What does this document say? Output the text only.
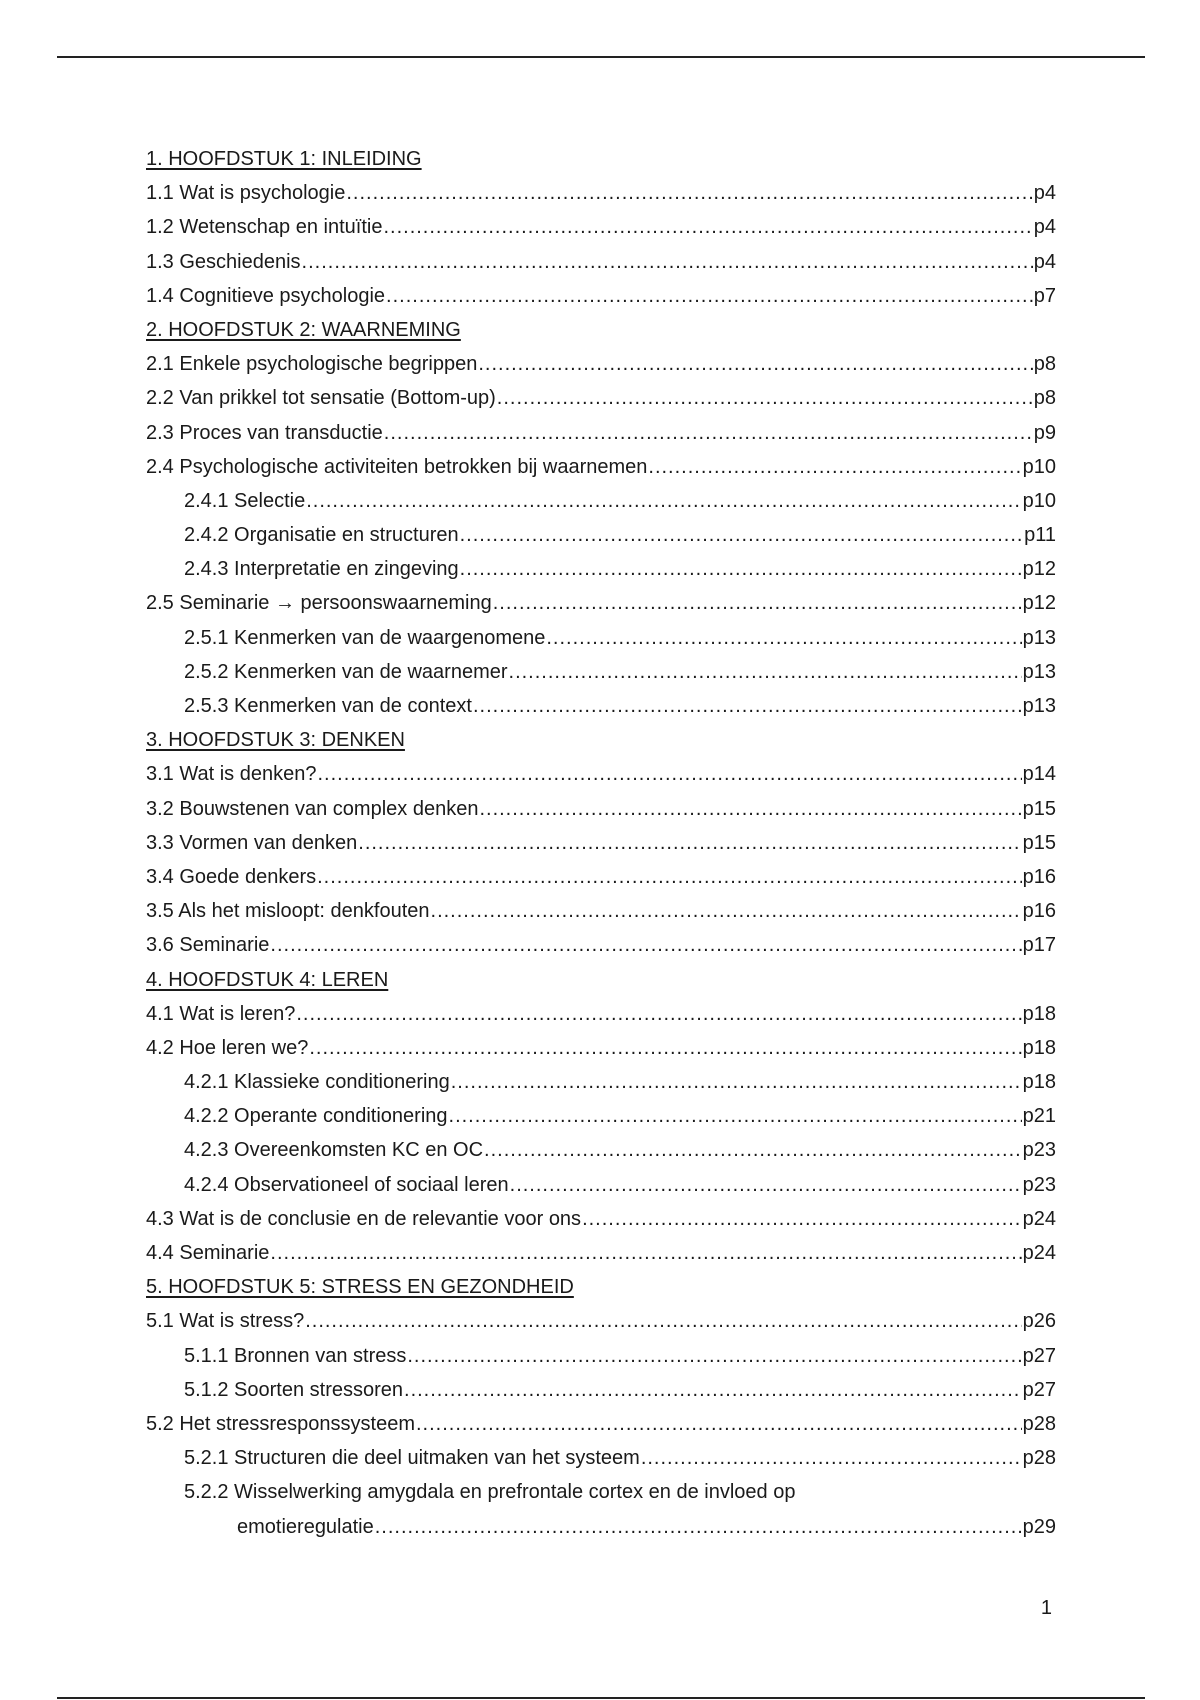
1. HOOFDSTUK 1: INLEIDING
1.1 Wat is psychologie .....	p4
1.2 Wetenschap en intuïtie .....	p4
1.3 Geschiedenis .....	p4
1.4 Cognitieve psychologie .....	p7
2. HOOFDSTUK 2: WAARNEMING
2.1 Enkele psychologische begrippen .....	p8
2.2 Van prikkel tot sensatie (Bottom-up) .....	p8
2.3 Proces van transductie .....	p9
2.4 Psychologische activiteiten betrokken bij waarnemen .....	p10
2.4.1 Selectie .....	p10
2.4.2 Organisatie en structuren .....	p11
2.4.3 Interpretatie en zingeving .....	p12
2.5 Seminarie → persoonswaarneming .....	p12
2.5.1 Kenmerken van de waargenomene .....	p13
2.5.2 Kenmerken van de waarnemer .....	p13
2.5.3 Kenmerken van de context .....	p13
3. HOOFDSTUK 3: DENKEN
3.1 Wat is denken? .....	p14
3.2 Bouwstenen van complex denken .....	p15
3.3 Vormen van denken .....	p15
3.4 Goede denkers .....	p16
3.5 Als het misloopt: denkfouten .....	p16
3.6 Seminarie .....	p17
4. HOOFDSTUK 4: LEREN
4.1 Wat is leren? .....	p18
4.2 Hoe leren we? .....	p18
4.2.1 Klassieke conditionering .....	p18
4.2.2 Operante conditionering .....	p21
4.2.3 Overeenkomsten KC en OC .....	p23
4.2.4 Observationeel of sociaal leren .....	p23
4.3 Wat is de conclusie en de relevantie voor ons .....	p24
4.4 Seminarie .....	p24
5. HOOFDSTUK 5: STRESS EN GEZONDHEID
5.1 Wat is stress? .....	p26
5.1.1 Bronnen van stress .....	p27
5.1.2 Soorten stressoren .....	p27
5.2 Het stressresponssysteem .....	p28
5.2.1 Structuren die deel uitmaken van het systeem .....	p28
5.2.2 Wisselwerking amygdala en prefrontale cortex en de invloed op
emotieregulatie .....	p29
1
